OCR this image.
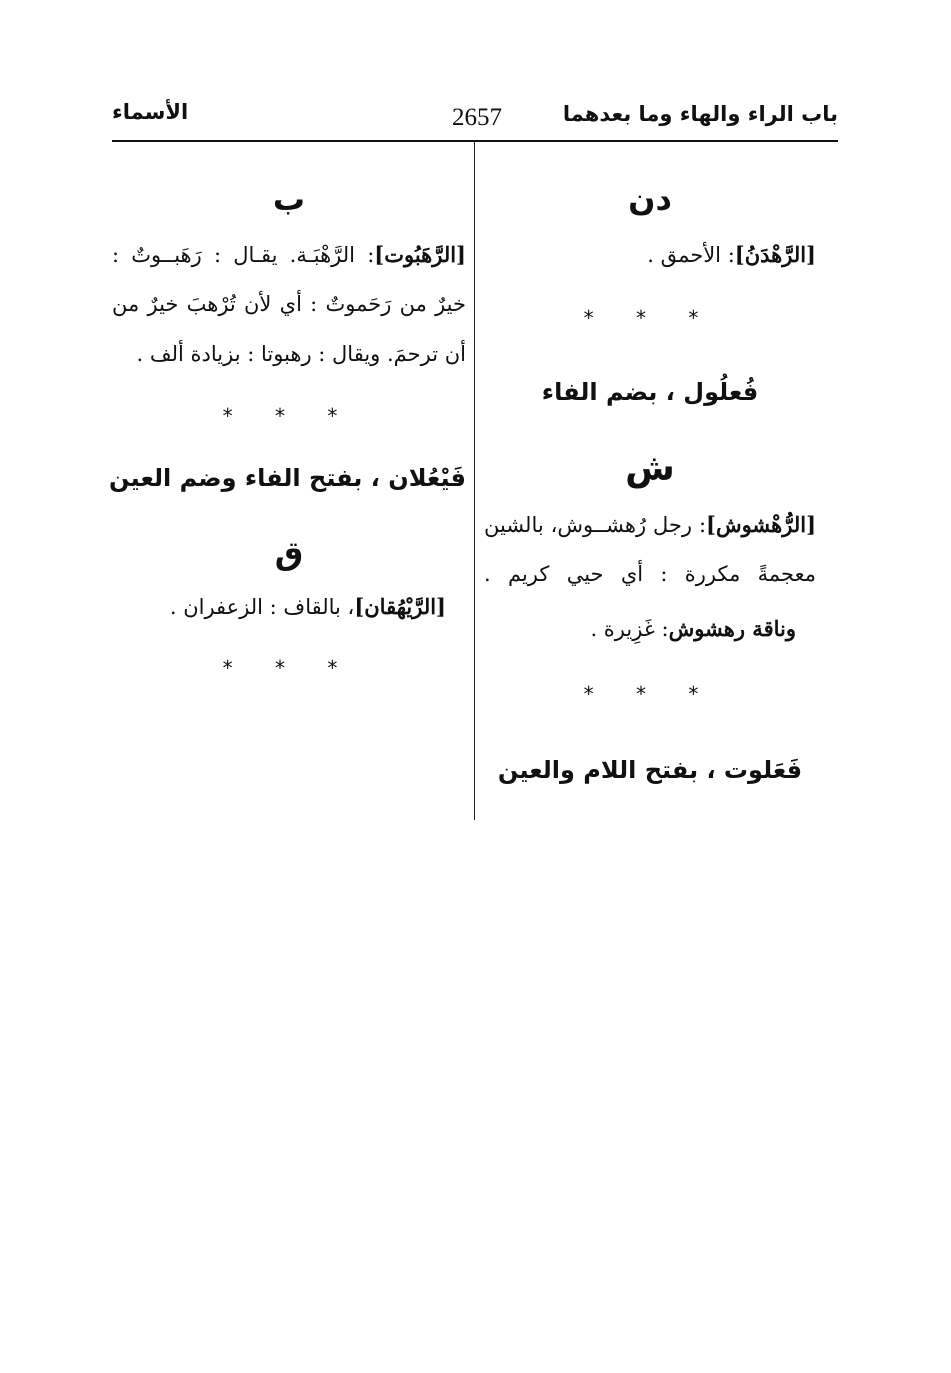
باب الراء والهاء وما بعدهما
2657
الأسماء
دن
[الرَّهْدَنُ]: الأحمق .
* * *
فُعلُول ، بضم الفاء
ش
[الرُّهْشوش]: رجل رُهشــوش، بالشين
معجمةً مكررة : أي حيي كريم .
وناقة رهشوش: غَزِيرة .
* * *
فَعَلوت ، بفتح اللام والعين
ب
[الرَّهَبُوت]: الرَّهْبَـة. يقـال : رَهَبــوتٌ :
خيرٌ من رَحَموتٌ : أي لأن تُرْهبَ خيرٌ من
أن ترحمَ. ويقال : رهبوتا : بزيادة ألف .
* * *
فَيْعُلان ، بفتح الفاء وضم العين
ق
[الرَّيْهُقان]، بالقاف : الزعفران .
* * *
